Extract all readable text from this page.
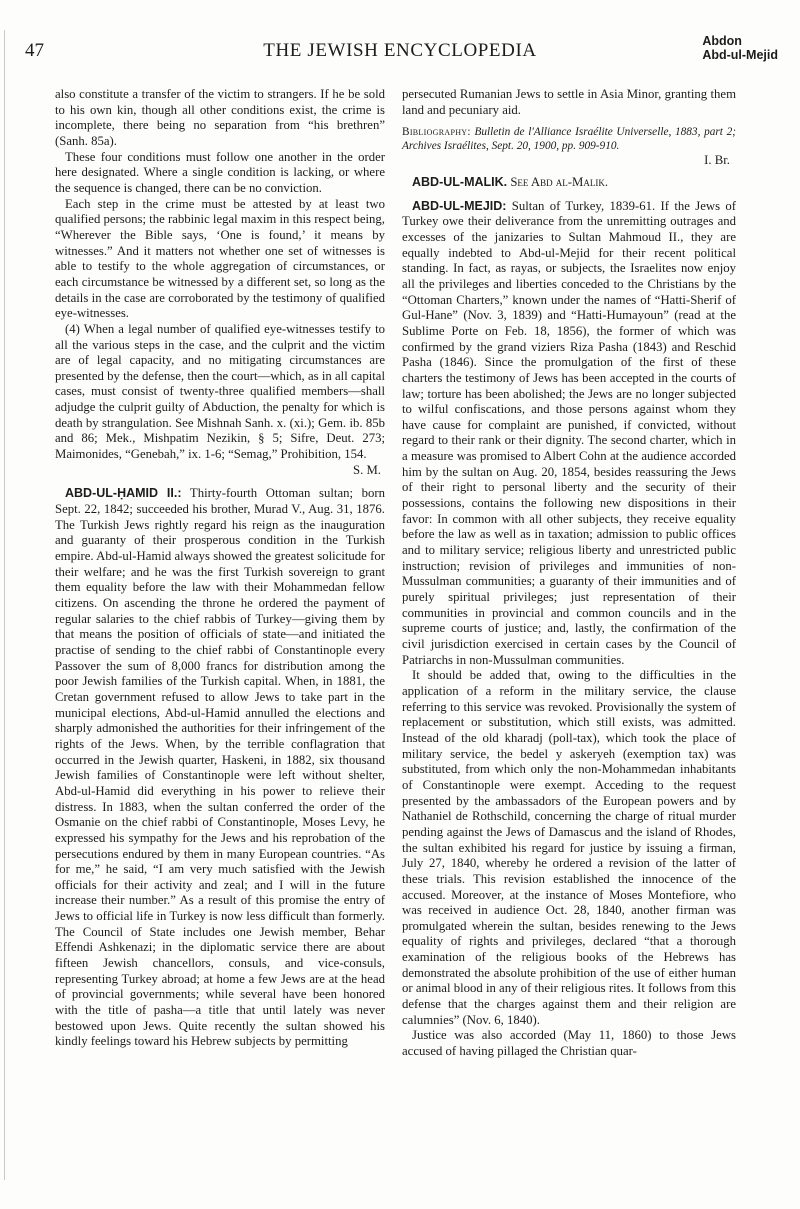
47	THE JEWISH ENCYCLOPEDIA	Abdon
Abd-ul-Mejid

also constitute a transfer of the victim to strangers. If he be sold to his own kin, though all other conditions exist, the crime is incomplete, there being no separation from “his brethren” (Sanh. 85a).

These four conditions must follow one another in the order here designated. Where a single condition is lacking, or where the sequence is changed, there can be no conviction.

Each step in the crime must be attested by at least two qualified persons; the rabbinic legal maxim in this respect being, “Wherever the Bible says, ‘One is found,’ it means by witnesses.” And it matters not whether one set of witnesses is able to testify to the whole aggregation of circumstances, or each circumstance be witnessed by a different set, so long as the details in the case are corroborated by the testimony of qualified eye-witnesses.

(4) When a legal number of qualified eye-witnesses testify to all the various steps in the case, and the culprit and the victim are of legal capacity, and no mitigating circumstances are presented by the defense, then the court—which, as in all capital cases, must consist of twenty-three qualified members—shall adjudge the culprit guilty of Abduction, the penalty for which is death by strangulation. See Mishnah Sanh. x. (xi.); Gem. ib. 85b and 86; Mek., Mishpatim Nezikin, § 5; Sifre, Deut. 273; Maimonides, “Genebah,” ix. 1-6; “Semag,” Prohibition, 154.

S. M.

ABD-UL-ḤAMID II.: Thirty-fourth Ottoman sultan; born Sept. 22, 1842; succeeded his brother, Murad V., Aug. 31, 1876. The Turkish Jews rightly regard his reign as the inauguration and guaranty of their prosperous condition in the Turkish empire. Abd-ul-Hamid always showed the greatest solicitude for their welfare; and he was the first Turkish sovereign to grant them equality before the law with their Mohammedan fellow citizens. On ascending the throne he ordered the payment of regular salaries to the chief rabbis of Turkey—giving them by that means the position of officials of state—and initiated the practise of sending to the chief rabbi of Constantinople every Passover the sum of 8,000 francs for distribution among the poor Jewish families of the Turkish capital. When, in 1881, the Cretan government refused to allow Jews to take part in the municipal elections, Abd-ul-Hamid annulled the elections and sharply admonished the authorities for their infringement of the rights of the Jews. When, by the terrible conflagration that occurred in the Jewish quarter, Haskeni, in 1882, six thousand Jewish families of Constantinople were left without shelter, Abd-ul-Hamid did everything in his power to relieve their distress. In 1883, when the sultan conferred the order of the Osmanie on the chief rabbi of Constantinople, Moses Levy, he expressed his sympathy for the Jews and his reprobation of the persecutions endured by them in many European countries. “As for me,” he said, “I am very much satisfied with the Jewish officials for their activity and zeal; and I will in the future increase their number.” As a result of this promise the entry of Jews to official life in Turkey is now less difficult than formerly. The Council of State includes one Jewish member, Behar Effendi Ashkenazi; in the diplomatic service there are about fifteen Jewish chancellors, consuls, and vice-consuls, representing Turkey abroad; at home a few Jews are at the head of provincial governments; while several have been honored with the title of pasha—a title that until lately was never bestowed upon Jews. Quite recently the sultan showed his kindly feelings toward his Hebrew subjects by permitting

persecuted Rumanian Jews to settle in Asia Minor, granting them land and pecuniary aid.

Bibliography: Bulletin de l'Alliance Israélite Universelle, 1883, part 2; Archives Israélites, Sept. 20, 1900, pp. 909-910.

I. Br.

ABD-UL-MALIK. See Abd al-Malik.

ABD-UL-MEJID: Sultan of Turkey, 1839-61. If the Jews of Turkey owe their deliverance from the unremitting outrages and excesses of the janizaries to Sultan Mahmoud II., they are equally indebted to Abd-ul-Mejid for their recent political standing. In fact, as rayas, or subjects, the Israelites now enjoy all the privileges and liberties conceded to the Christians by the “Ottoman Charters,” known under the names of “Hatti-Sherif of Gul-Hane” (Nov. 3, 1839) and “Hatti-Humayoun” (read at the Sublime Porte on Feb. 18, 1856), the former of which was confirmed by the grand viziers Riza Pasha (1843) and Reschid Pasha (1846). Since the promulgation of the first of these charters the testimony of Jews has been accepted in the courts of law; torture has been abolished; the Jews are no longer subjected to wilful confiscations, and those persons against whom they have cause for complaint are punished, if convicted, without regard to their rank or their dignity. The second charter, which in a measure was promised to Albert Cohn at the audience accorded him by the sultan on Aug. 20, 1854, besides reassuring the Jews of their right to personal liberty and the security of their possessions, contains the following new dispositions in their favor: In common with all other subjects, they receive equality before the law as well as in taxation; admission to public offices and to military service; religious liberty and unrestricted public instruction; revision of privileges and immunities of non-Mussulman communities; a guaranty of their immunities and of purely spiritual privileges; just representation of their communities in provincial and common councils and in the supreme courts of justice; and, lastly, the confirmation of the civil jurisdiction exercised in certain cases by the Council of Patriarchs in non-Mussulman communities.

It should be added that, owing to the difficulties in the application of a reform in the military service, the clause referring to this service was revoked. Provisionally the system of replacement or substitution, which still exists, was admitted. Instead of the old kharadj (poll-tax), which took the place of military service, the bedel y askeryeh (exemption tax) was substituted, from which only the non-Mohammedan inhabitants of Constantinople were exempt. Acceding to the request presented by the ambassadors of the European powers and by Nathaniel de Rothschild, concerning the charge of ritual murder pending against the Jews of Damascus and the island of Rhodes, the sultan exhibited his regard for justice by issuing a firman, July 27, 1840, whereby he ordered a revision of the latter of these trials. This revision established the innocence of the accused. Moreover, at the instance of Moses Montefiore, who was received in audience Oct. 28, 1840, another firman was promulgated wherein the sultan, besides renewing to the Jews equality of rights and privileges, declared “that a thorough examination of the religious books of the Hebrews has demonstrated the absolute prohibition of the use of either human or animal blood in any of their religious rites. It follows from this defense that the charges against them and their religion are calumnies” (Nov. 6, 1840).

Justice was also accorded (May 11, 1860) to those Jews accused of having pillaged the Christian quar-
